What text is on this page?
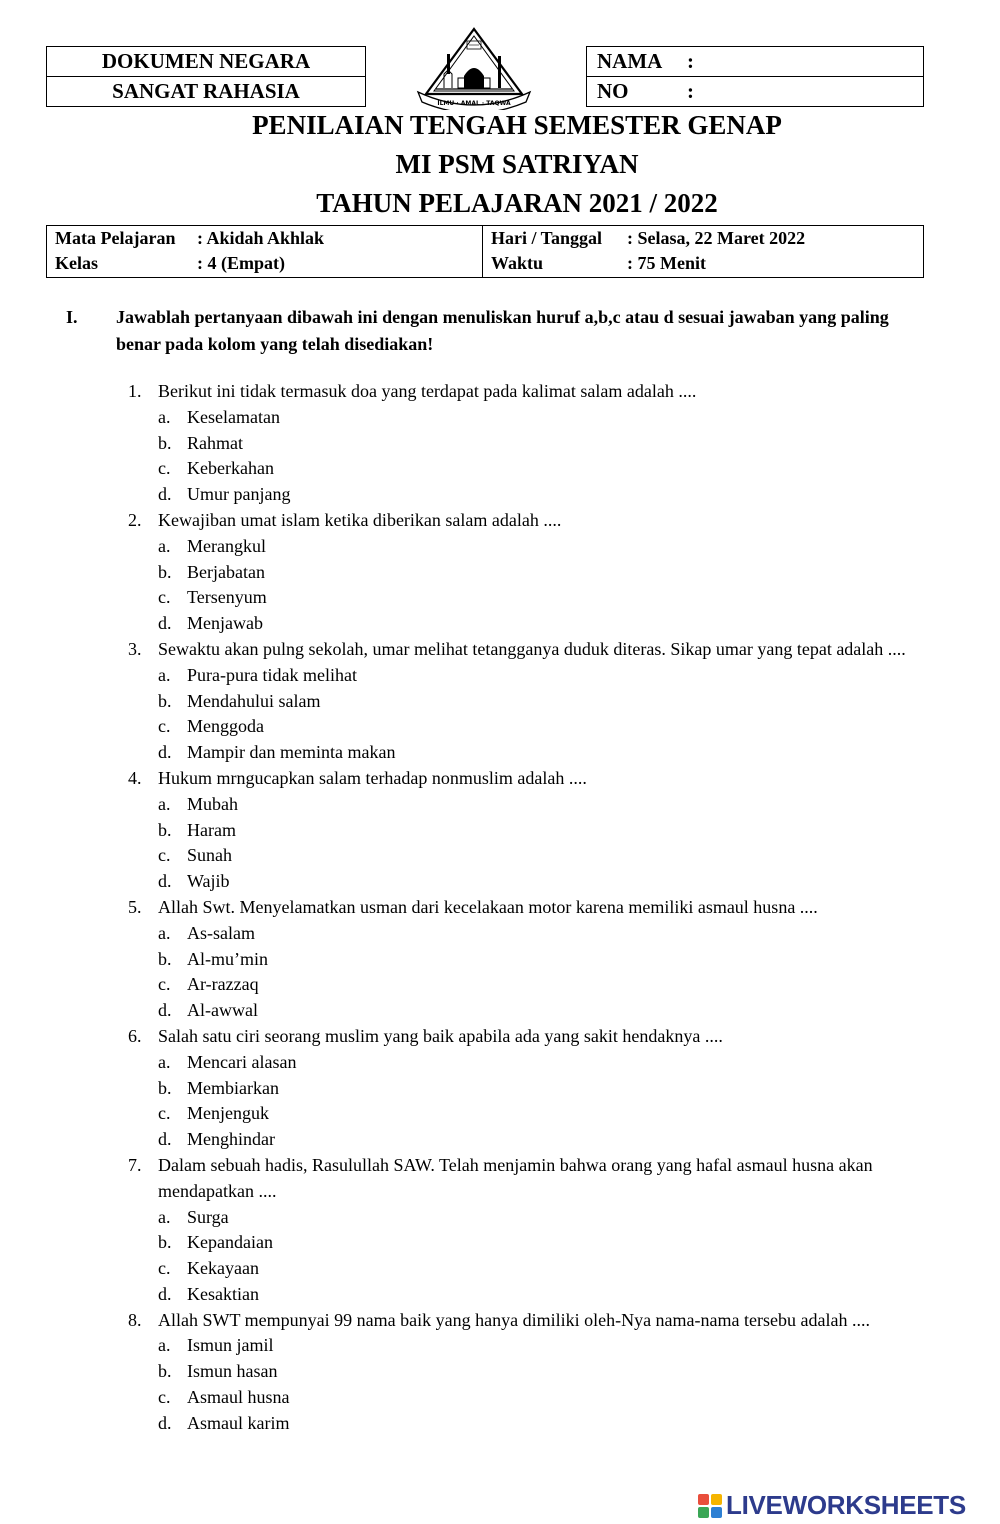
DOKUMEN NEGARA
SANGAT RAHASIA
ILMU · AMAL · TAQWA
NAMA	:
NO	:
PENILAIAN TENGAH SEMESTER GENAP
MI PSM SATRIYAN
TAHUN PELAJARAN 2021 / 2022
Mata Pelajaran	: Akidah Akhlak
Kelas	: 4 (Empat)
Hari / Tanggal	: Selasa, 22 Maret 2022
Waktu	: 75 Menit
I.	Jawablah pertanyaan dibawah ini dengan menuliskan huruf a,b,c atau d sesuai jawaban yang paling benar pada kolom yang telah disediakan!
1. Berikut ini tidak termasuk doa yang terdapat pada kalimat salam adalah ....
a. Keselamatan
b. Rahmat
c. Keberkahan
d. Umur panjang
2. Kewajiban umat islam ketika diberikan salam adalah ....
a. Merangkul
b. Berjabatan
c. Tersenyum
d. Menjawab
3. Sewaktu akan pulng sekolah, umar melihat tetangganya duduk diteras. Sikap umar yang tepat adalah ....
a. Pura-pura tidak melihat
b. Mendahului salam
c. Menggoda
d. Mampir dan meminta makan
4. Hukum mrngucapkan salam terhadap nonmuslim adalah ....
a. Mubah
b. Haram
c. Sunah
d. Wajib
5. Allah Swt. Menyelamatkan usman dari kecelakaan motor karena memiliki asmaul husna ....
a. As-salam
b. Al-mu’min
c. Ar-razzaq
d. Al-awwal
6. Salah satu ciri seorang muslim yang baik apabila ada yang sakit hendaknya ....
a. Mencari alasan
b. Membiarkan
c. Menjenguk
d. Menghindar
7. Dalam sebuah hadis, Rasulullah SAW. Telah menjamin bahwa orang yang hafal asmaul husna akan mendapatkan ....
a. Surga
b. Kepandaian
c. Kekayaan
d. Kesaktian
8. Allah SWT mempunyai 99 nama baik yang hanya dimiliki oleh-Nya nama-nama tersebu adalah ....
a. Ismun jamil
b. Ismun hasan
c. Asmaul husna
d. Asmaul karim
LIVEWORKSHEETS
